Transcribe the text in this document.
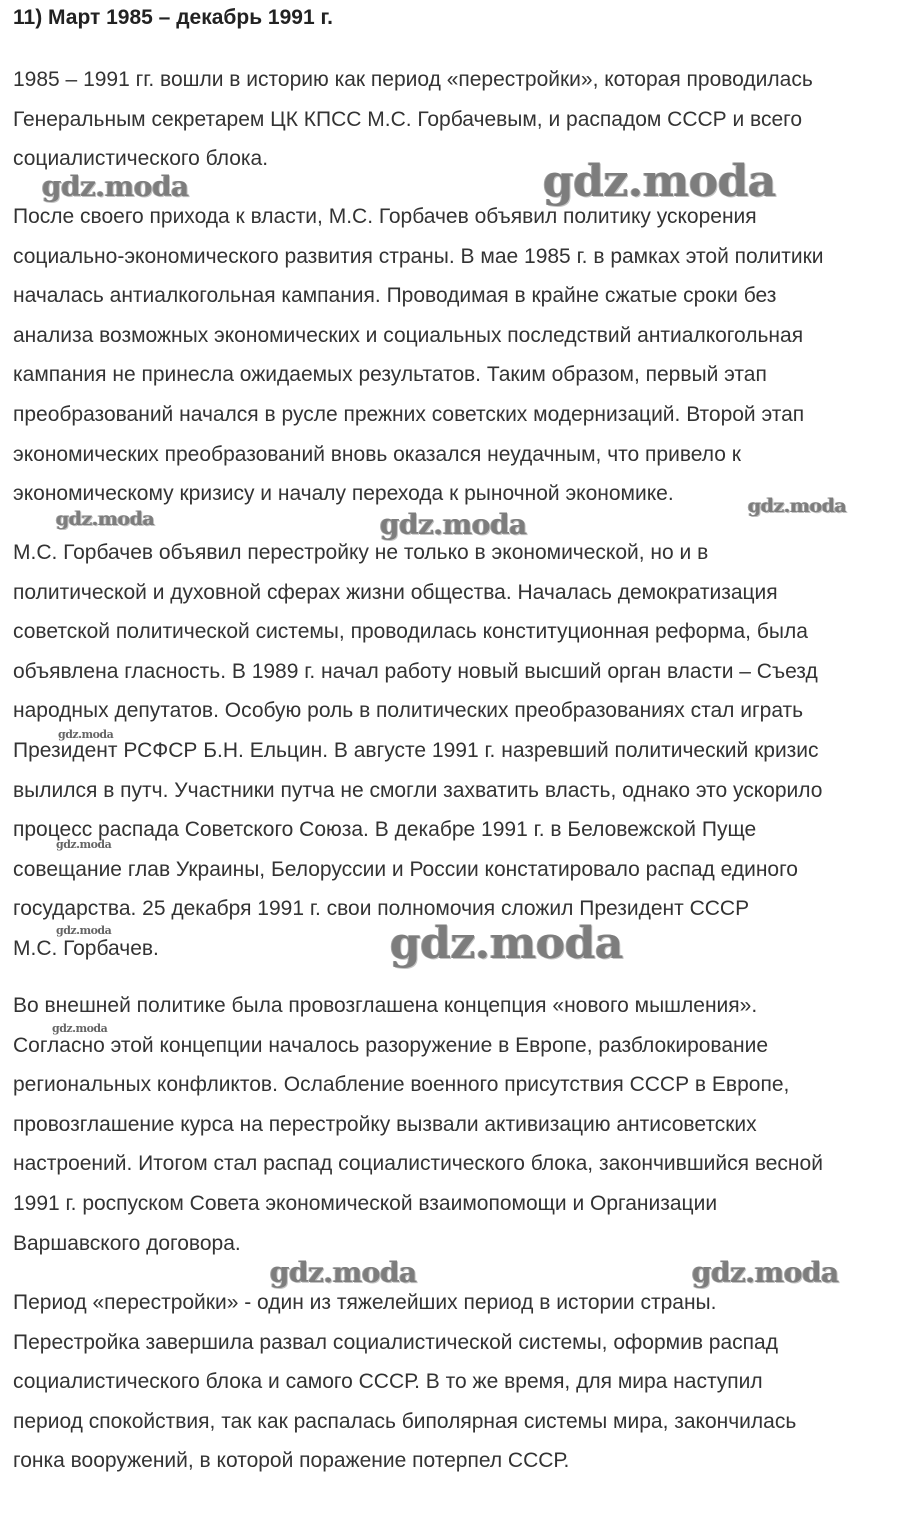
11) Март 1985 – декабрь 1991 г.

1985 – 1991 гг. вошли в историю как период «перестройки», которая проводилась
Генеральным секретарем ЦК КПСС М.С. Горбачевым, и распадом СССР и всего
социалистического блока.

После своего прихода к власти, М.С. Горбачев объявил политику ускорения
социально-экономического развития страны. В мае 1985 г. в рамках этой политики
началась антиалкогольная кампания. Проводимая в крайне сжатые сроки без
анализа возможных экономических и социальных последствий антиалкогольная
кампания не принесла ожидаемых результатов. Таким образом, первый этап
преобразований начался в русле прежних советских модернизаций. Второй этап
экономических преобразований вновь оказался неудачным, что привело к
экономическому кризису и началу перехода к рыночной экономике.

М.С. Горбачев объявил перестройку не только в экономической, но и в
политической и духовной сферах жизни общества. Началась демократизация
советской политической системы, проводилась конституционная реформа, была
объявлена гласность. В 1989 г. начал работу новый высший орган власти – Съезд
народных депутатов. Особую роль в политических преобразованиях стал играть
Президент РСФСР Б.Н. Ельцин. В августе 1991 г. назревший политический кризис
вылился в путч. Участники путча не смогли захватить власть, однако это ускорило
процесс распада Советского Союза. В декабре 1991 г. в Беловежской Пуще
совещание глав Украины, Белоруссии и России констатировало распад единого
государства. 25 декабря 1991 г. свои полномочия сложил Президент СССР
М.С. Горбачев.

Во внешней политике была провозглашена концепция «нового мышления».
Согласно этой концепции началось разоружение в Европе, разблокирование
региональных конфликтов. Ослабление военного присутствия СССР в Европе,
провозглашение курса на перестройку вызвали активизацию антисоветских
настроений. Итогом стал распад социалистического блока, закончившийся весной
1991 г. роспуском Совета экономической взаимопомощи и Организации
Варшавского договора.

Период «перестройки» - один из тяжелейших период в истории страны.
Перестройка завершила развал социалистической системы, оформив распад
социалистического блока и самого СССР. В то же время, для мира наступил
период спокойствия, так как распалась биполярная системы мира, закончилась
гонка вооружений, в которой поражение потерпел СССР.

gdz.moda	gdz.moda
gdz.moda	gdz.moda
gdz.moda
gdz.moda
gdz.moda
gdz.moda	gdz.moda
gdz.moda
gdz.moda	gdz.moda
